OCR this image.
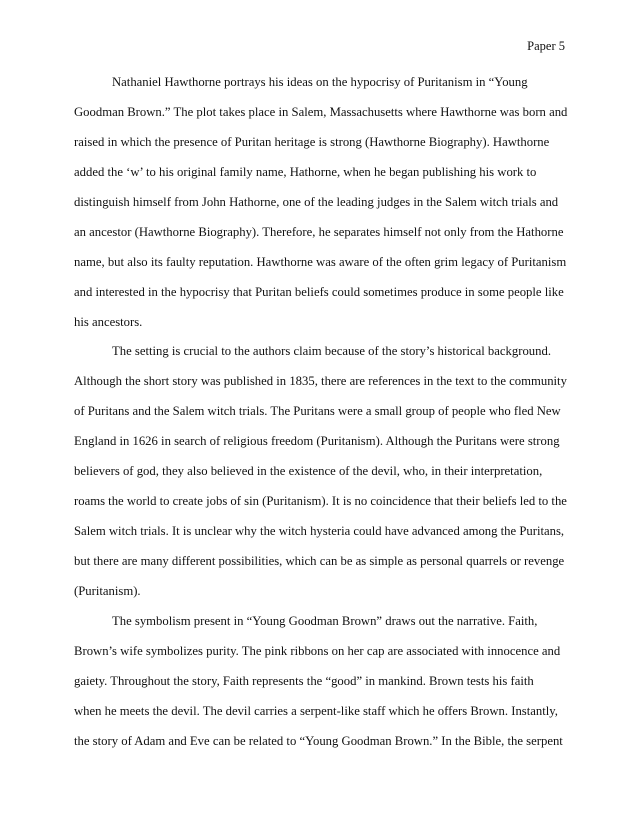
Paper 5
Nathaniel Hawthorne portrays his ideas on the hypocrisy of Puritanism in “Young
Goodman Brown.” The plot takes place in Salem, Massachusetts where Hawthorne was born and
raised in which the presence of Puritan heritage is strong (Hawthorne Biography). Hawthorne
added the ‘w’ to his original family name, Hathorne, when he began publishing his work to
distinguish himself from John Hathorne, one of the leading judges in the Salem witch trials and
an ancestor (Hawthorne Biography). Therefore, he separates himself not only from the Hathorne
name, but also its faulty reputation. Hawthorne was aware of the often grim legacy of Puritanism
and interested in the hypocrisy that Puritan beliefs could sometimes produce in some people like
his ancestors.
The setting is crucial to the authors claim because of the story’s historical background.
Although the short story was published in 1835, there are references in the text to the community
of Puritans and the Salem witch trials. The Puritans were a small group of people who fled New
England in 1626 in search of religious freedom (Puritanism). Although the Puritans were strong
believers of god, they also believed in the existence of the devil, who, in their interpretation,
roams the world to create jobs of sin (Puritanism). It is no coincidence that their beliefs led to the
Salem witch trials. It is unclear why the witch hysteria could have advanced among the Puritans,
but there are many different possibilities, which can be as simple as personal quarrels or revenge
(Puritanism).
The symbolism present in “Young Goodman Brown” draws out the narrative. Faith,
Brown’s wife symbolizes purity. The pink ribbons on her cap are associated with innocence and
gaiety. Throughout the story, Faith represents the “good” in mankind. Brown tests his faith
when he meets the devil. The devil carries a serpent-like staff which he offers Brown. Instantly,
the story of Adam and Eve can be related to “Young Goodman Brown.” In the Bible, the serpent
